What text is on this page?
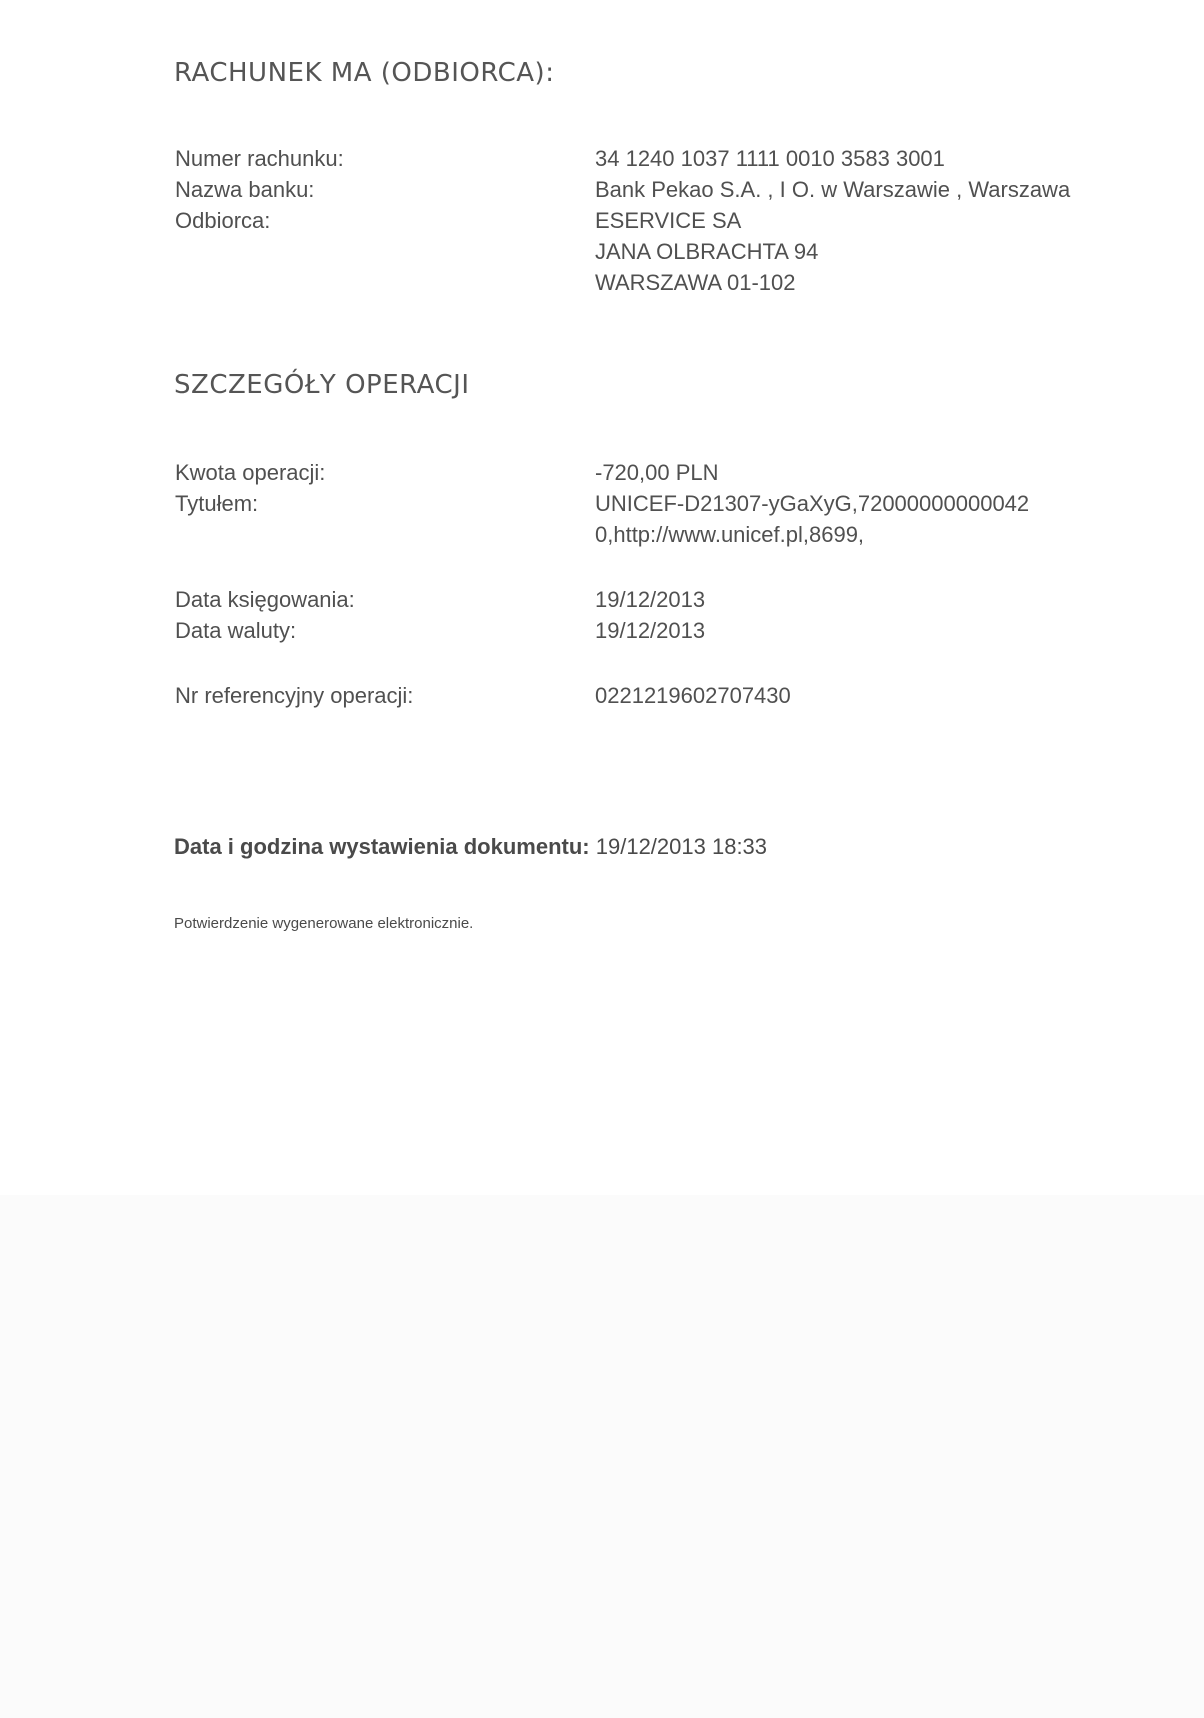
RACHUNEK MA (ODBIORCA):
Numer rachunku:	34 1240 1037 1111 0010 3583 3001
Nazwa banku:	Bank Pekao S.A. , I O. w Warszawie , Warszawa
Odbiorca:	ESERVICE SA
JANA OLBRACHTA 94
WARSZAWA 01-102
SZCZEGÓŁY OPERACJI
Kwota operacji:	-720,00 PLN
Tytułem:	UNICEF-D21307-yGaXyG,72000000000042
0,http://www.unicef.pl,8699,
Data księgowania:	19/12/2013
Data waluty:	19/12/2013
Nr referencyjny operacji:	0221219602707430
Data i godzina wystawienia dokumentu: 19/12/2013 18:33
Potwierdzenie wygenerowane elektronicznie.
